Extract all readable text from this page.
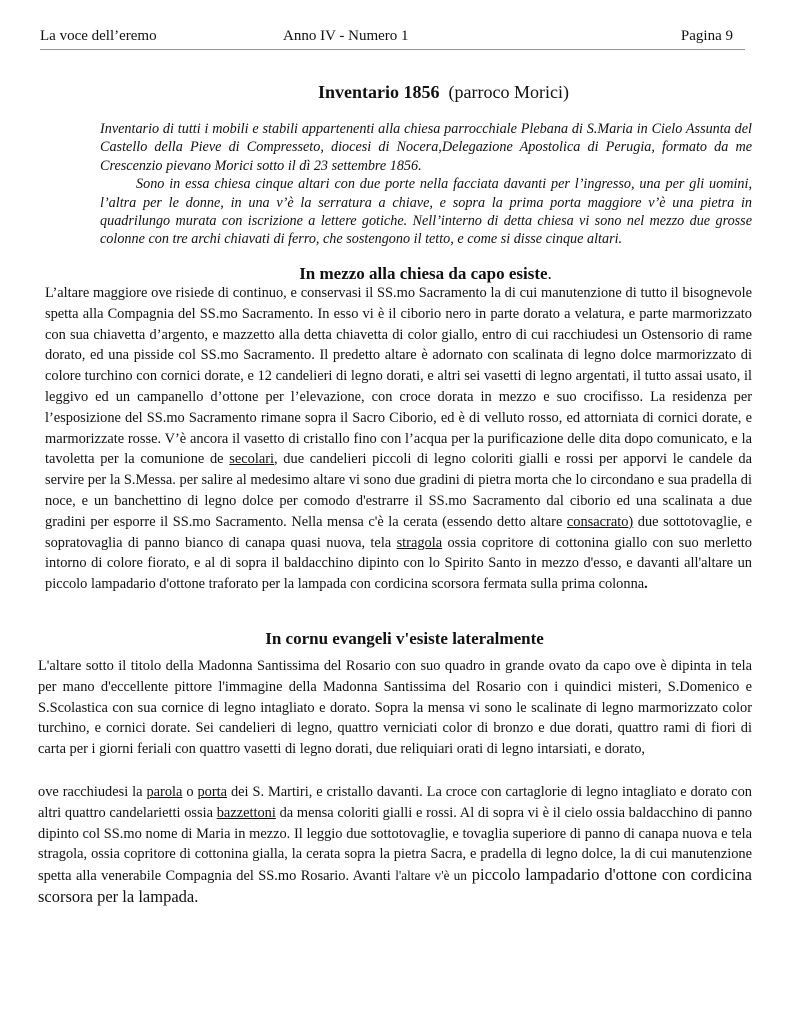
La voce dell’eremo	Anno IV - Numero 1	Pagina 9
Inventario 1856 (parroco Morici)

Inventario di tutti i mobili e stabili appartenenti alla chiesa parrocchiale Plebana di S.Maria in Cielo Assunta del Castello della Pieve di Compresseto, diocesi di Nocera,Delegazione Apostolica di Perugia, formato da me Crescenzio pievano Morici sotto il dì 23 settembre 1856.

Sono in essa chiesa cinque altari con due porte nella facciata davanti per l’ingresso, una per gli uomini, l’altra per le donne, in una v’è la serratura a chiave, e sopra la prima porta maggiore v’è una pietra in quadrilungo murata con iscrizione a lettere gotiche. Nell’interno di detta chiesa vi sono nel mezzo due grosse colonne con tre archi chiavati di ferro, che sostengono il tetto, e come si disse cinque altari.

In mezzo alla chiesa da capo esiste.

L’altare maggiore ove risiede di continuo, e conservasi il SS.mo Sacramento la di cui manutenzione di tutto il bisognevole spetta alla Compagnia del SS.mo Sacramento. In esso vi è il ciborio nero in parte dorato a velatura, e parte marmorizzato con sua chiavetta d’argento, e mazzetto alla detta chiavetta di color giallo, entro di cui racchiudesi un Ostensorio di rame dorato, ed una pisside col SS.mo Sacramento. Il predetto altare è adornato con scalinata di legno dolce marmorizzato di colore turchino con cornici dorate, e 12 candelieri di legno dorati, e altri sei vasetti di legno argentati, il tutto assai usato, il leggivo ed un campanello d’ottone per l’elevazione, con croce dorata in mezzo e suo crocifisso. La residenza per l’esposizione del SS.mo Sacramento rimane sopra il Sacro Ciborio, ed è di velluto rosso, ed attorniata di cornici dorate, e marmorizzate rosse. V’è ancora il vasetto di cristallo fino con l’acqua per la purificazione delle dita dopo comunicato, e la tavoletta per la comunione de secolari, due candelieri piccoli di legno coloriti gialli e rossi per apporvi le candele da servire per la S.Messa. per salire al medesimo altare vi sono due gradini di pietra morta che lo circondano e sua pradella di noce, e un banchettino di legno dolce per comodo d'estrarre il SS.mo Sacramento dal ciborio ed una scalinata a due gradini per esporre il SS.mo Sacramento. Nella mensa c'è la cerata (essendo detto altare consacrato) due sottotovaglie, e sopratovaglia di panno bianco di canapa quasi nuova, tela stragola ossia copritore di cottonina giallo con suo merletto intorno di colore fiorato, e al di sopra il baldacchino dipinto con lo Spirito Santo in mezzo d'esso, e davanti all'altare un piccolo lampadario d'ottone traforato per la lampada con cordicina scorsora fermata sulla prima colonna.

In cornu evangeli v'esiste lateralmente

L'altare sotto il titolo della Madonna Santissima del Rosario con suo quadro in grande ovato da capo ove è dipinta in tela per mano d'eccellente pittore l'immagine della Madonna Santissima del Rosario con i quindici misteri, S.Domenico e S.Scolastica con sua cornice di legno intagliato e dorato. Sopra la mensa vi sono le scalinate di legno marmorizzato color turchino, e cornici dorate. Sei candelieri di legno, quattro verniciati color di bronzo e due dorati, quattro rami di fiori di carta per i giorni feriali con quattro vasetti di legno dorati, due reliquiari orati di legno intarsiati, e dorato,

ove racchiudesi la parola o porta dei S. Martiri, e cristallo davanti. La croce con cartaglorie di legno intagliato e dorato con altri quattro candelarietti ossia bazzettoni da mensa coloriti gialli e rossi. Al di sopra vi è il cielo ossia baldacchino di panno dipinto col SS.mo nome di Maria in mezzo. Il leggio due sottotovaglie, e tovaglia superiore di panno di canapa nuova e tela stragola, ossia copritore di cottonina gialla, la cerata sopra la pietra Sacra, e pradella di legno dolce, la di cui manutenzione spetta alla venerabile Compagnia del SS.mo Rosario. Avanti l'altare v'è un piccolo lampadario d'ottone con cordicina scorsora per la lampada.
